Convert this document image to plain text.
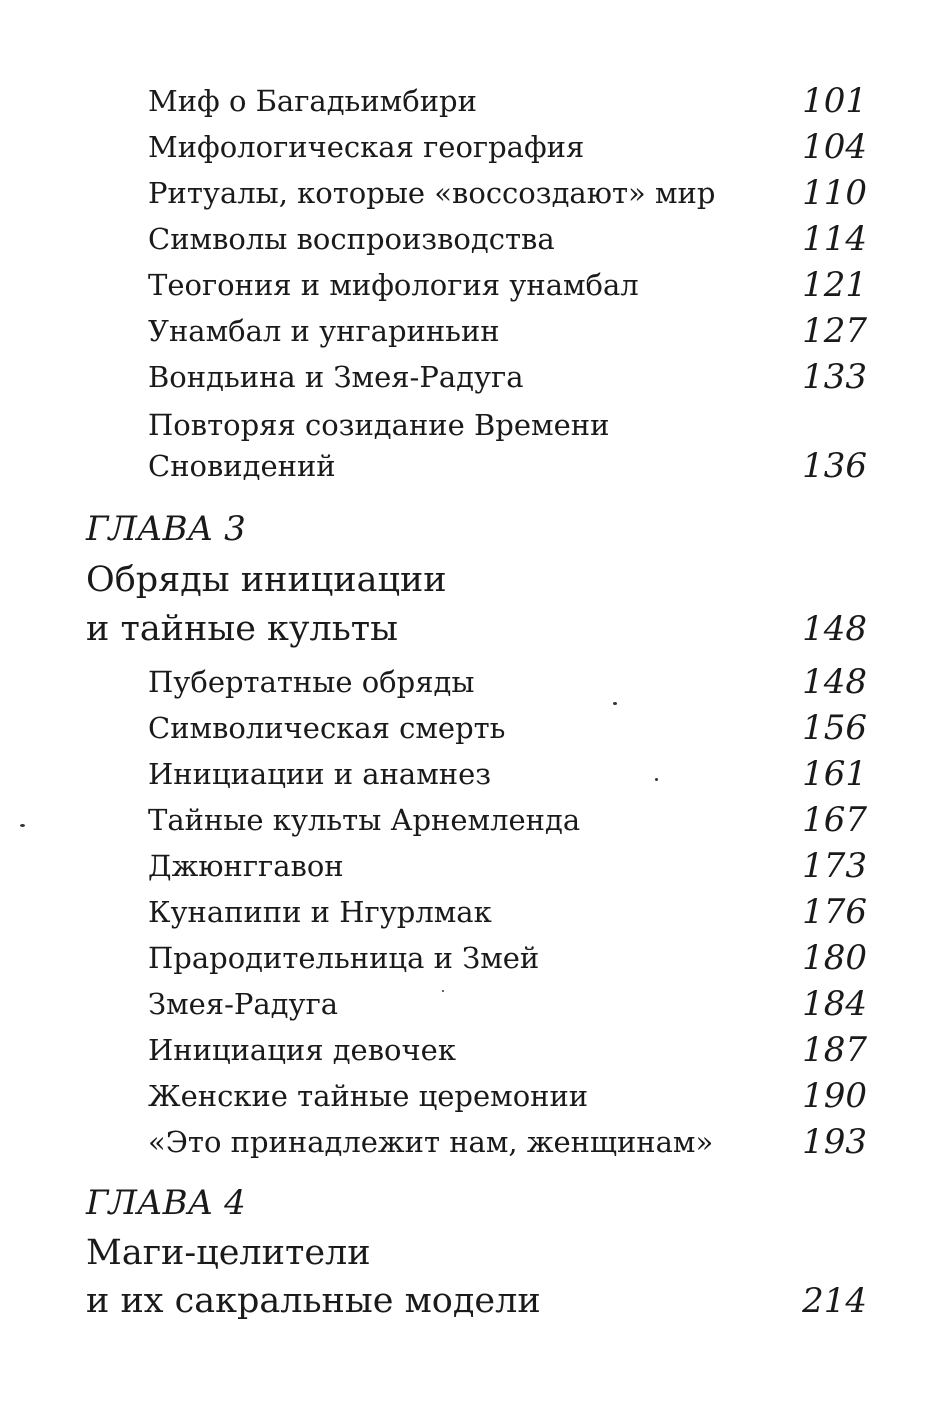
Миф о Багадьимбири	101
Мифологическая география	104
Ритуалы, которые «воссоздают» мир	110
Символы воспроизводства	114
Теогония и мифология унамбал	121
Унамбал и унгариньин	127
Вондьина и Змея-Радуга	133
Повторяя созидание Времени
Сновидений	136
ГЛАВА 3
Обряды инициации
и тайные культы	148
Пубертатные обряды	148
Символическая смерть	156
Инициации и анамнез	161
Тайные культы Арнемленда	167
Джюнггавон	173
Кунапипи и Нгурлмак	176
Прародительница и Змей	180
Змея-Радуга	184
Инициация девочек	187
Женские тайные церемонии	190
«Это принадлежит нам, женщинам»	193
ГЛАВА 4
Маги-целители
и их сакральные модели	214
